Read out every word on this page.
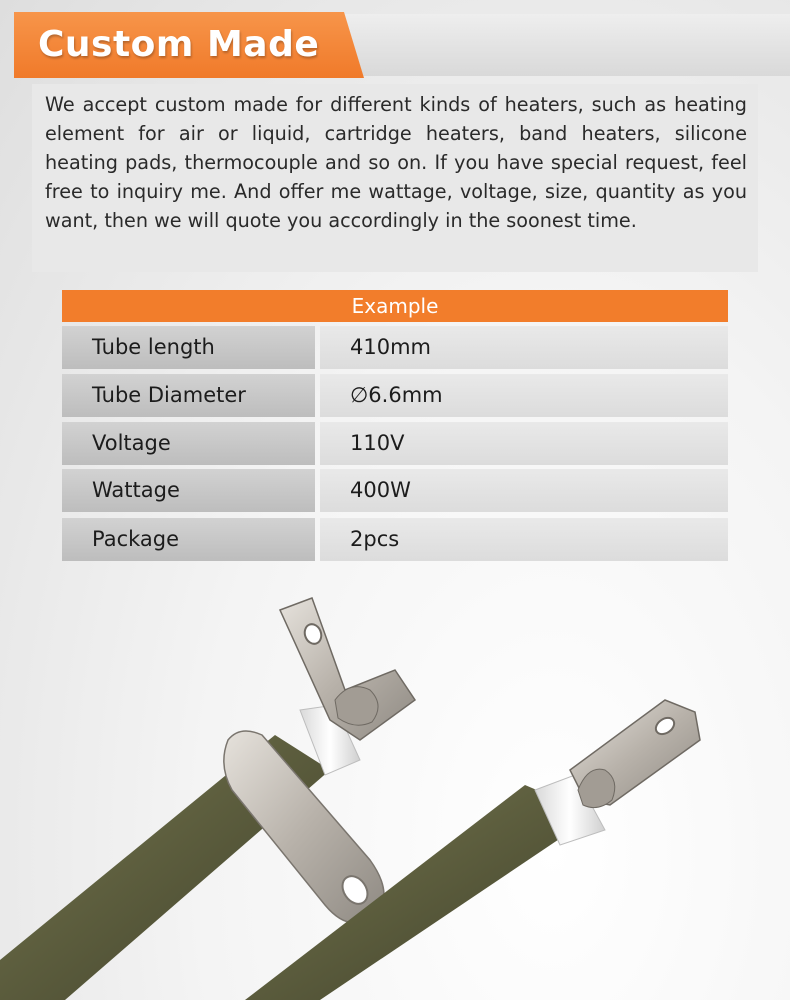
Custom Made
We accept custom made for different kinds of heaters, such as heating element for air or liquid, cartridge heaters, band heaters, silicone heating pads, thermocouple and so on. If you have special request, feel free to inquiry me. And offer me wattage, voltage, size, quantity as you want, then we will quote you accordingly in the soonest time.
Example
Tube length	410mm
Tube Diameter	∅6.6mm
Voltage	110V
Wattage	400W
Package	2pcs
